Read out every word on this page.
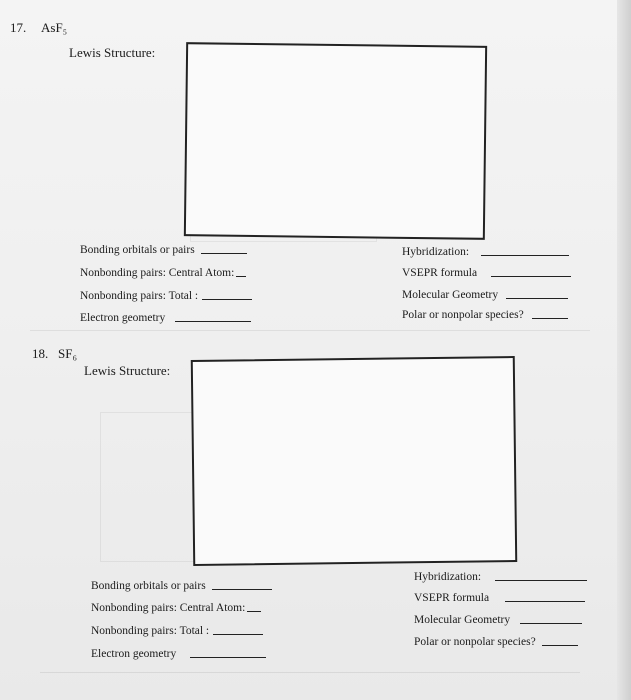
17. AsF₅
Lewis Structure:
Bonding orbitals or pairs
Nonbonding pairs: Central Atom:
Nonbonding pairs: Total :
Electron geometry
Hybridization:
VSEPR formula
Molecular Geometry
Polar or nonpolar species?
18. SF₆
Lewis Structure:
Bonding orbitals or pairs
Nonbonding pairs: Central Atom:
Nonbonding pairs: Total :
Electron geometry
Hybridization:
VSEPR formula
Molecular Geometry
Polar or nonpolar species?
